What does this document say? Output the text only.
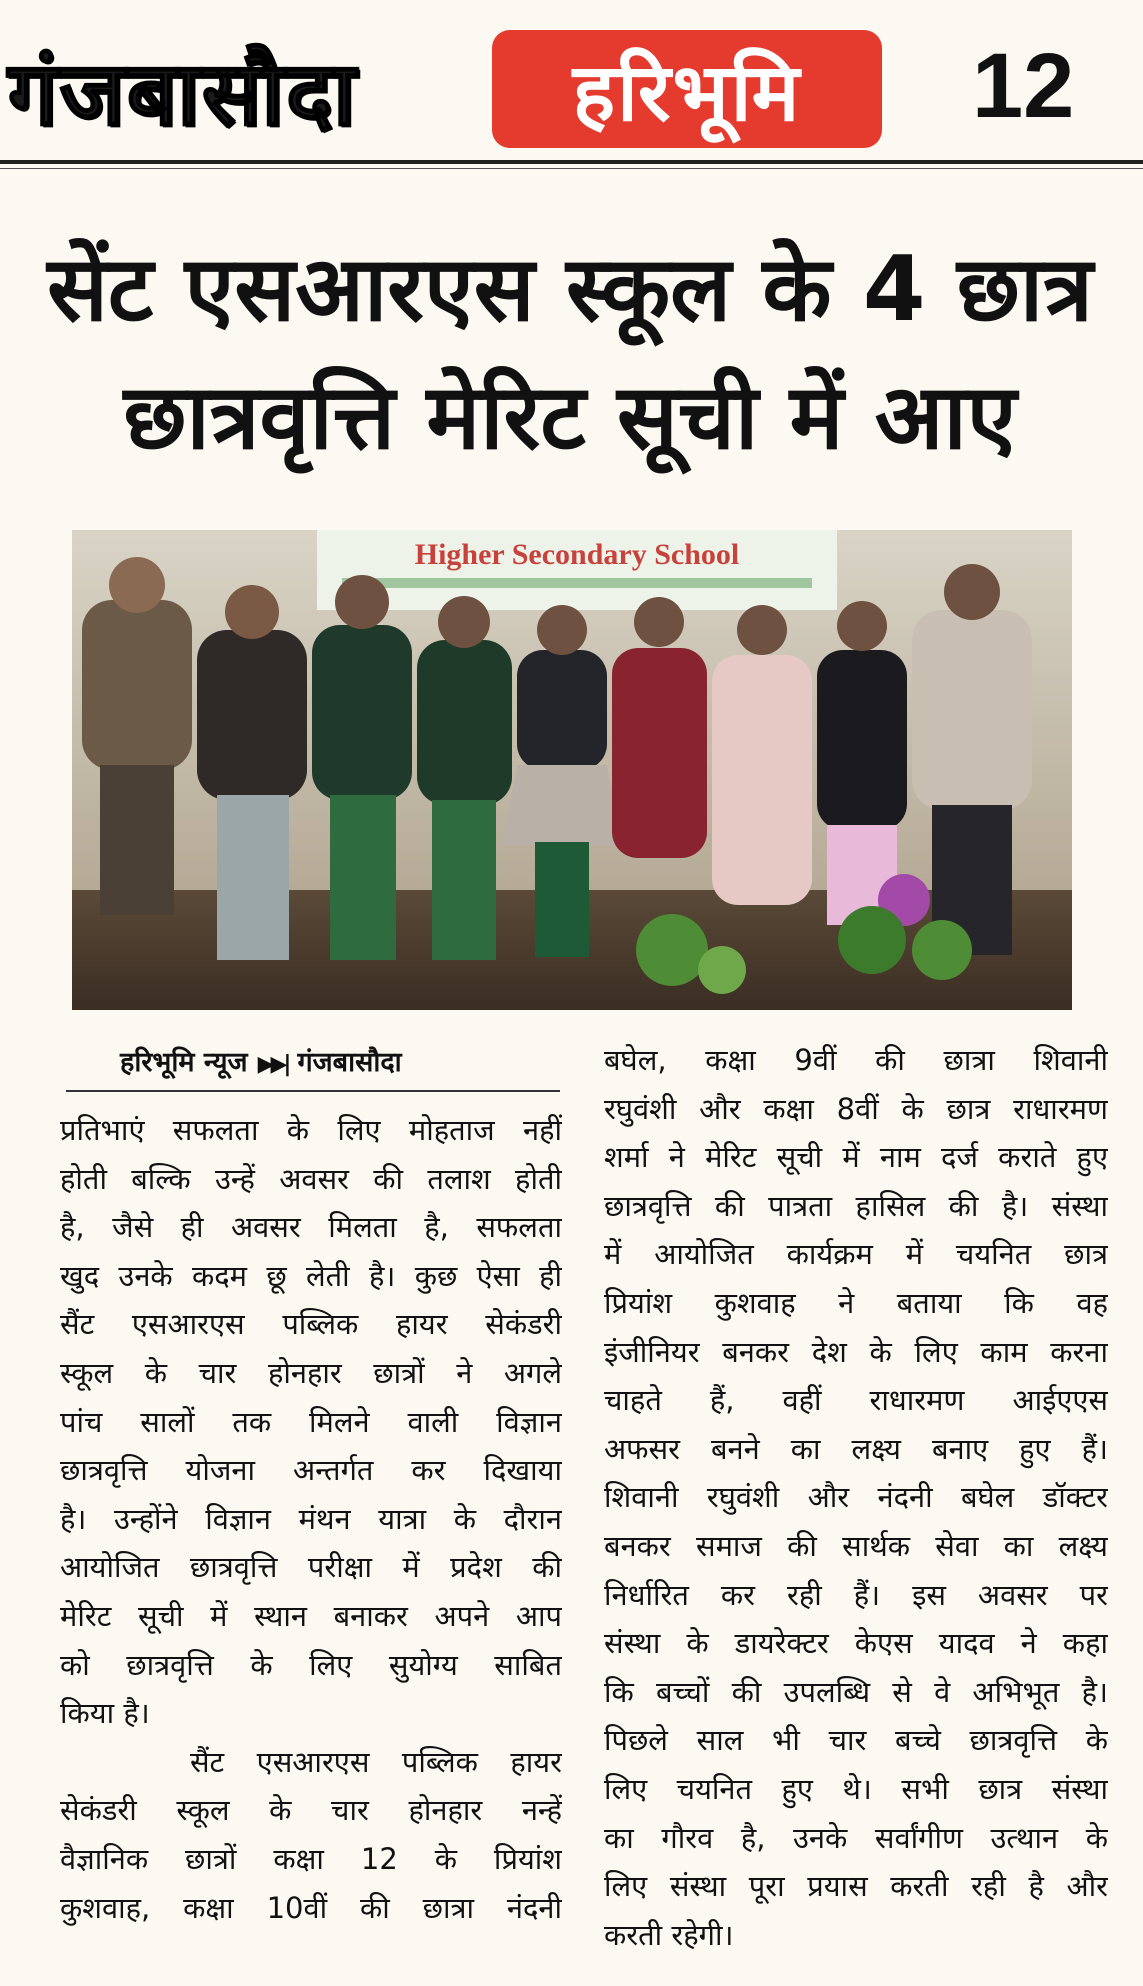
गंजबासौदा	हरिभूमि 12
सेंट एसआरएस स्कूल के 4 छात्र
छात्रवृत्ति मेरिट सूची में आए
Higher Secondary School
हरिभूमि न्यूज ▶▶| गंजबासौदा
प्रतिभाएं सफलता के लिए मोहताज नहीं
होती बल्कि उन्हें अवसर की तलाश होती
है, जैसे ही अवसर मिलता है, सफलता
खुद उनके कदम छू लेती है। कुछ ऐसा ही
सैंट एसआरएस पब्लिक हायर सेकंडरी
स्कूल के चार होनहार छात्रों ने अगले
पांच सालों तक मिलने वाली विज्ञान
छात्रवृत्ति योजना अन्तर्गत कर दिखाया
है। उन्होंने विज्ञान मंथन यात्रा के दौरान
आयोजित छात्रवृत्ति परीक्षा में प्रदेश की
मेरिट सूची में स्थान बनाकर अपने आप
को छात्रवृत्ति के लिए सुयोग्य साबित
किया है।
सैंट एसआरएस पब्लिक हायर
सेकंडरी स्कूल के चार होनहार नन्हें
वैज्ञानिक छात्रों कक्षा 12 के प्रियांश
कुशवाह, कक्षा 10वीं की छात्रा नंदनी
बघेल, कक्षा 9वीं की छात्रा शिवानी
रघुवंशी और कक्षा 8वीं के छात्र राधारमण
शर्मा ने मेरिट सूची में नाम दर्ज कराते हुए
छात्रवृत्ति की पात्रता हासिल की है। संस्था
में आयोजित कार्यक्रम में चयनित छात्र
प्रियांश कुशवाह ने बताया कि वह
इंजीनियर बनकर देश के लिए काम करना
चाहते हैं, वहीं राधारमण आईएएस
अफसर बनने का लक्ष्य बनाए हुए हैं।
शिवानी रघुवंशी और नंदनी बघेल डॉक्टर
बनकर समाज की सार्थक सेवा का लक्ष्य
निर्धारित कर रही हैं। इस अवसर पर
संस्था के डायरेक्टर केएस यादव ने कहा
कि बच्चों की उपलब्धि से वे अभिभूत है।
पिछले साल भी चार बच्चे छात्रवृत्ति के
लिए चयनित हुए थे। सभी छात्र संस्था
का गौरव है, उनके सर्वांगीण उत्थान के
लिए संस्था पूरा प्रयास करती रही है और
करती रहेगी।
